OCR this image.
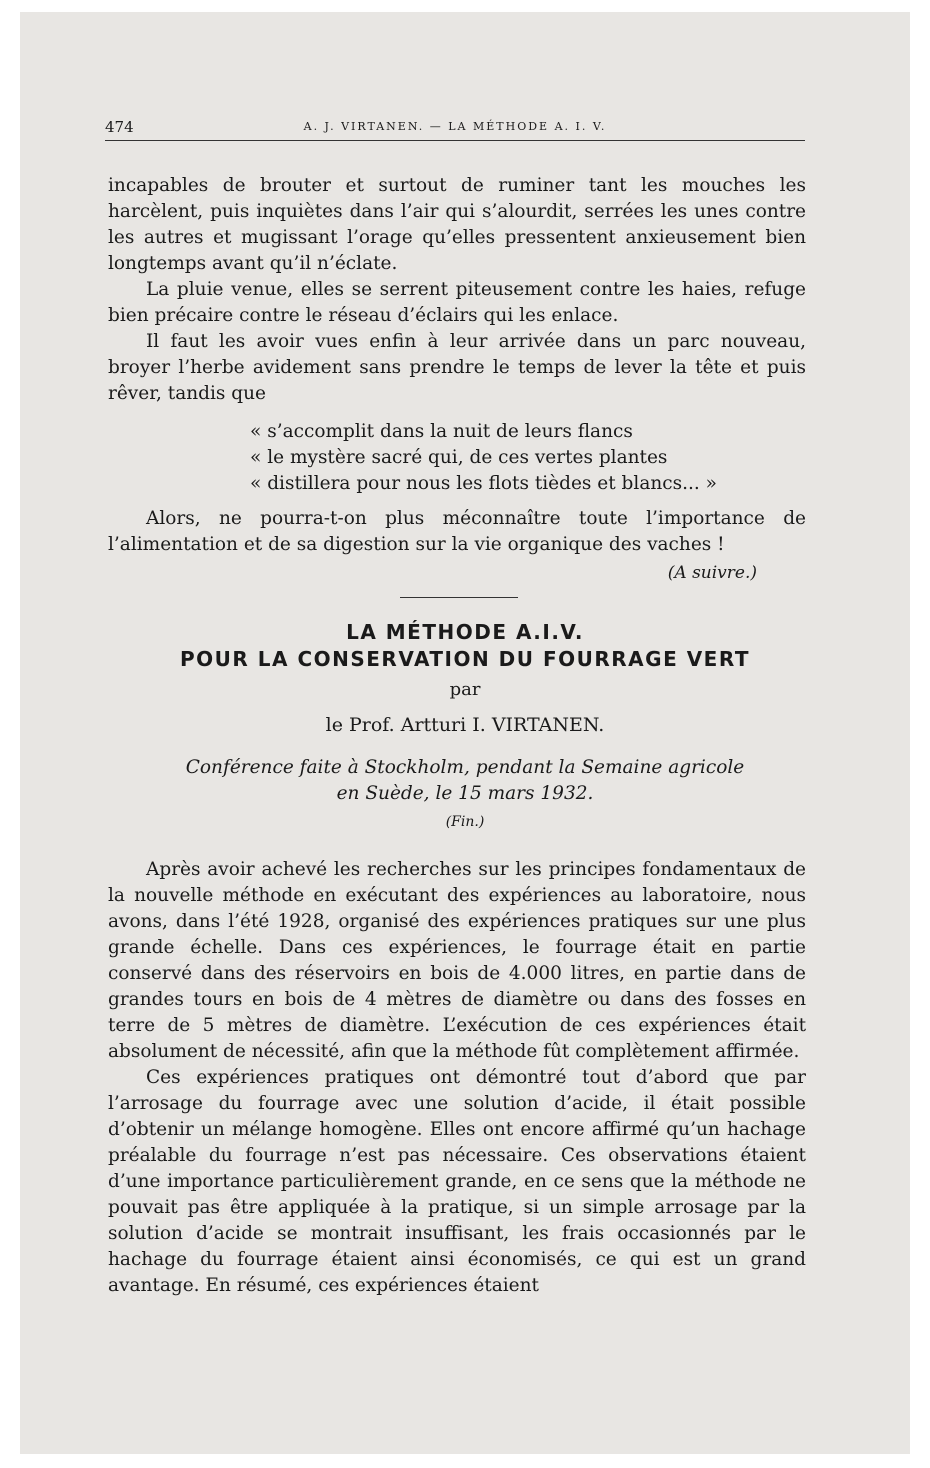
474	A. J. VIRTANEN. — LA MÉTHODE A. I. V.

incapables de brouter et surtout de ruminer tant les mouches les harcèlent, puis inquiètes dans l’air qui s’alourdit, serrées les unes contre les autres et mugissant l’orage qu’elles pressentent anxieusement bien longtemps avant qu’il n’éclate.

La pluie venue, elles se serrent piteusement contre les haies, refuge bien précaire contre le réseau d’éclairs qui les enlace.

Il faut les avoir vues enfin à leur arrivée dans un parc nouveau, broyer l’herbe avidement sans prendre le temps de lever la tête et puis rêver, tandis que

« s’accomplit dans la nuit de leurs flancs
« le mystère sacré qui, de ces vertes plantes
« distillera pour nous les flots tièdes et blancs... »

Alors, ne pourra-t-on plus méconnaître toute l’importance de l’alimentation et de sa digestion sur la vie organique des vaches !

(A suivre.)
LA MÉTHODE A.I.V.
POUR LA CONSERVATION DU FOURRAGE VERT
par
le Prof. Artturi I. VIRTANEN.
Conférence faite à Stockholm, pendant la Semaine agricole
en Suède, le 15 mars 1932.
(Fin.)

Après avoir achevé les recherches sur les principes fondamentaux de la nouvelle méthode en exécutant des expériences au laboratoire, nous avons, dans l’été 1928, organisé des expériences pratiques sur une plus grande échelle. Dans ces expériences, le fourrage était en partie conservé dans des réservoirs en bois de 4.000 litres, en partie dans de grandes tours en bois de 4 mètres de diamètre ou dans des fosses en terre de 5 mètres de diamètre. L’exécution de ces expériences était absolument de nécessité, afin que la méthode fût complètement affirmée.

Ces expériences pratiques ont démontré tout d’abord que par l’arrosage du fourrage avec une solution d’acide, il était possible d’obtenir un mélange homogène. Elles ont encore affirmé qu’un hachage préalable du fourrage n’est pas nécessaire. Ces observations étaient d’une importance particulièrement grande, en ce sens que la méthode ne pouvait pas être appliquée à la pratique, si un simple arrosage par la solution d’acide se montrait insuffisant, les frais occasionnés par le hachage du fourrage étaient ainsi économisés, ce qui est un grand avantage. En résumé, ces expériences étaient
